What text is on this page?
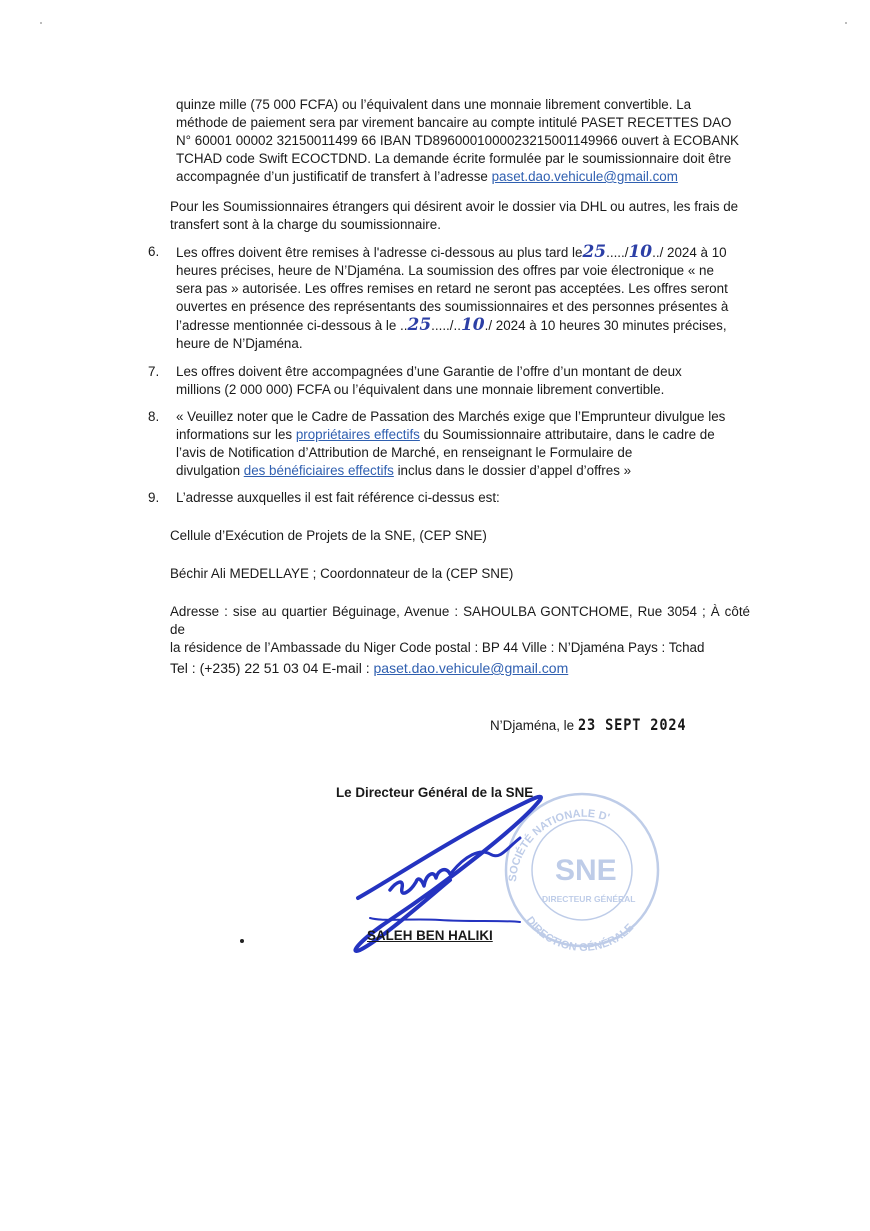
quinze mille (75 000 FCFA) ou l’équivalent dans une monnaie librement convertible. La
méthode de paiement sera par virement bancaire au compte intitulé PASET RECETTES DAO
N° 60001 00002 32150011499 66 IBAN TD8960001000023215001149966 ouvert à ECOBANK
TCHAD code Swift ECOCTDND. La demande écrite formulée par le soumissionnaire doit être
accompagnée d’un justificatif de transfert à l’adresse paset.dao.vehicule@gmail.com
Pour les Soumissionnaires étrangers qui désirent avoir le dossier via DHL ou autres, les frais de
transfert sont à la charge du soumissionnaire.
6.	Les offres doivent être remises à l'adresse ci-dessous au plus tard le25...../10../ 2024 à 10
heures précises, heure de N’Djaména. La soumission des offres par voie électronique « ne
sera pas » autorisée. Les offres remises en retard ne seront pas acceptées. Les offres seront
ouvertes en présence des représentants des soumissionnaires et des personnes présentes à
l’adresse mentionnée ci-dessous à le ..25...../..10./ 2024 à 10 heures 30 minutes précises,
heure de N’Djaména.
7.	Les offres doivent être accompagnées d’une Garantie de l’offre d’un montant de deux
millions (2 000 000) FCFA ou l’équivalent dans une monnaie librement convertible.
8.	« Veuillez noter que le Cadre de Passation des Marchés exige que l’Emprunteur divulgue les
informations sur les propriétaires effectifs du Soumissionnaire attributaire, dans le cadre de
l’avis de Notification d’Attribution de Marché, en renseignant le Formulaire de
divulgation des bénéficiaires effectifs inclus dans le dossier d’appel d’offres »
9.	L’adresse auxquelles il est fait référence ci-dessus est:
Cellule d’Exécution de Projets de la SNE, (CEP SNE)
Béchir Ali MEDELLAYE ; Coordonnateur de la (CEP SNE)
Adresse : sise au quartier Béguinage, Avenue : SAHOULBA GONTCHOME, Rue 3054 ; À côté de
la résidence de l’Ambassade du Niger Code postal : BP 44 Ville : N’Djaména Pays : Tchad
Tel : (+235) 22 51 03 04 E-mail : paset.dao.vehicule@gmail.com
N’Djaména, le 23 SEPT 2024
Le Directeur Général de la SNE
SOCIÉTÉ NATIONALE D'
SNE
DIRECTEUR GÉNÉRAL
DIRECTION GÉNÉRALE
SALEH BEN HALIKI
